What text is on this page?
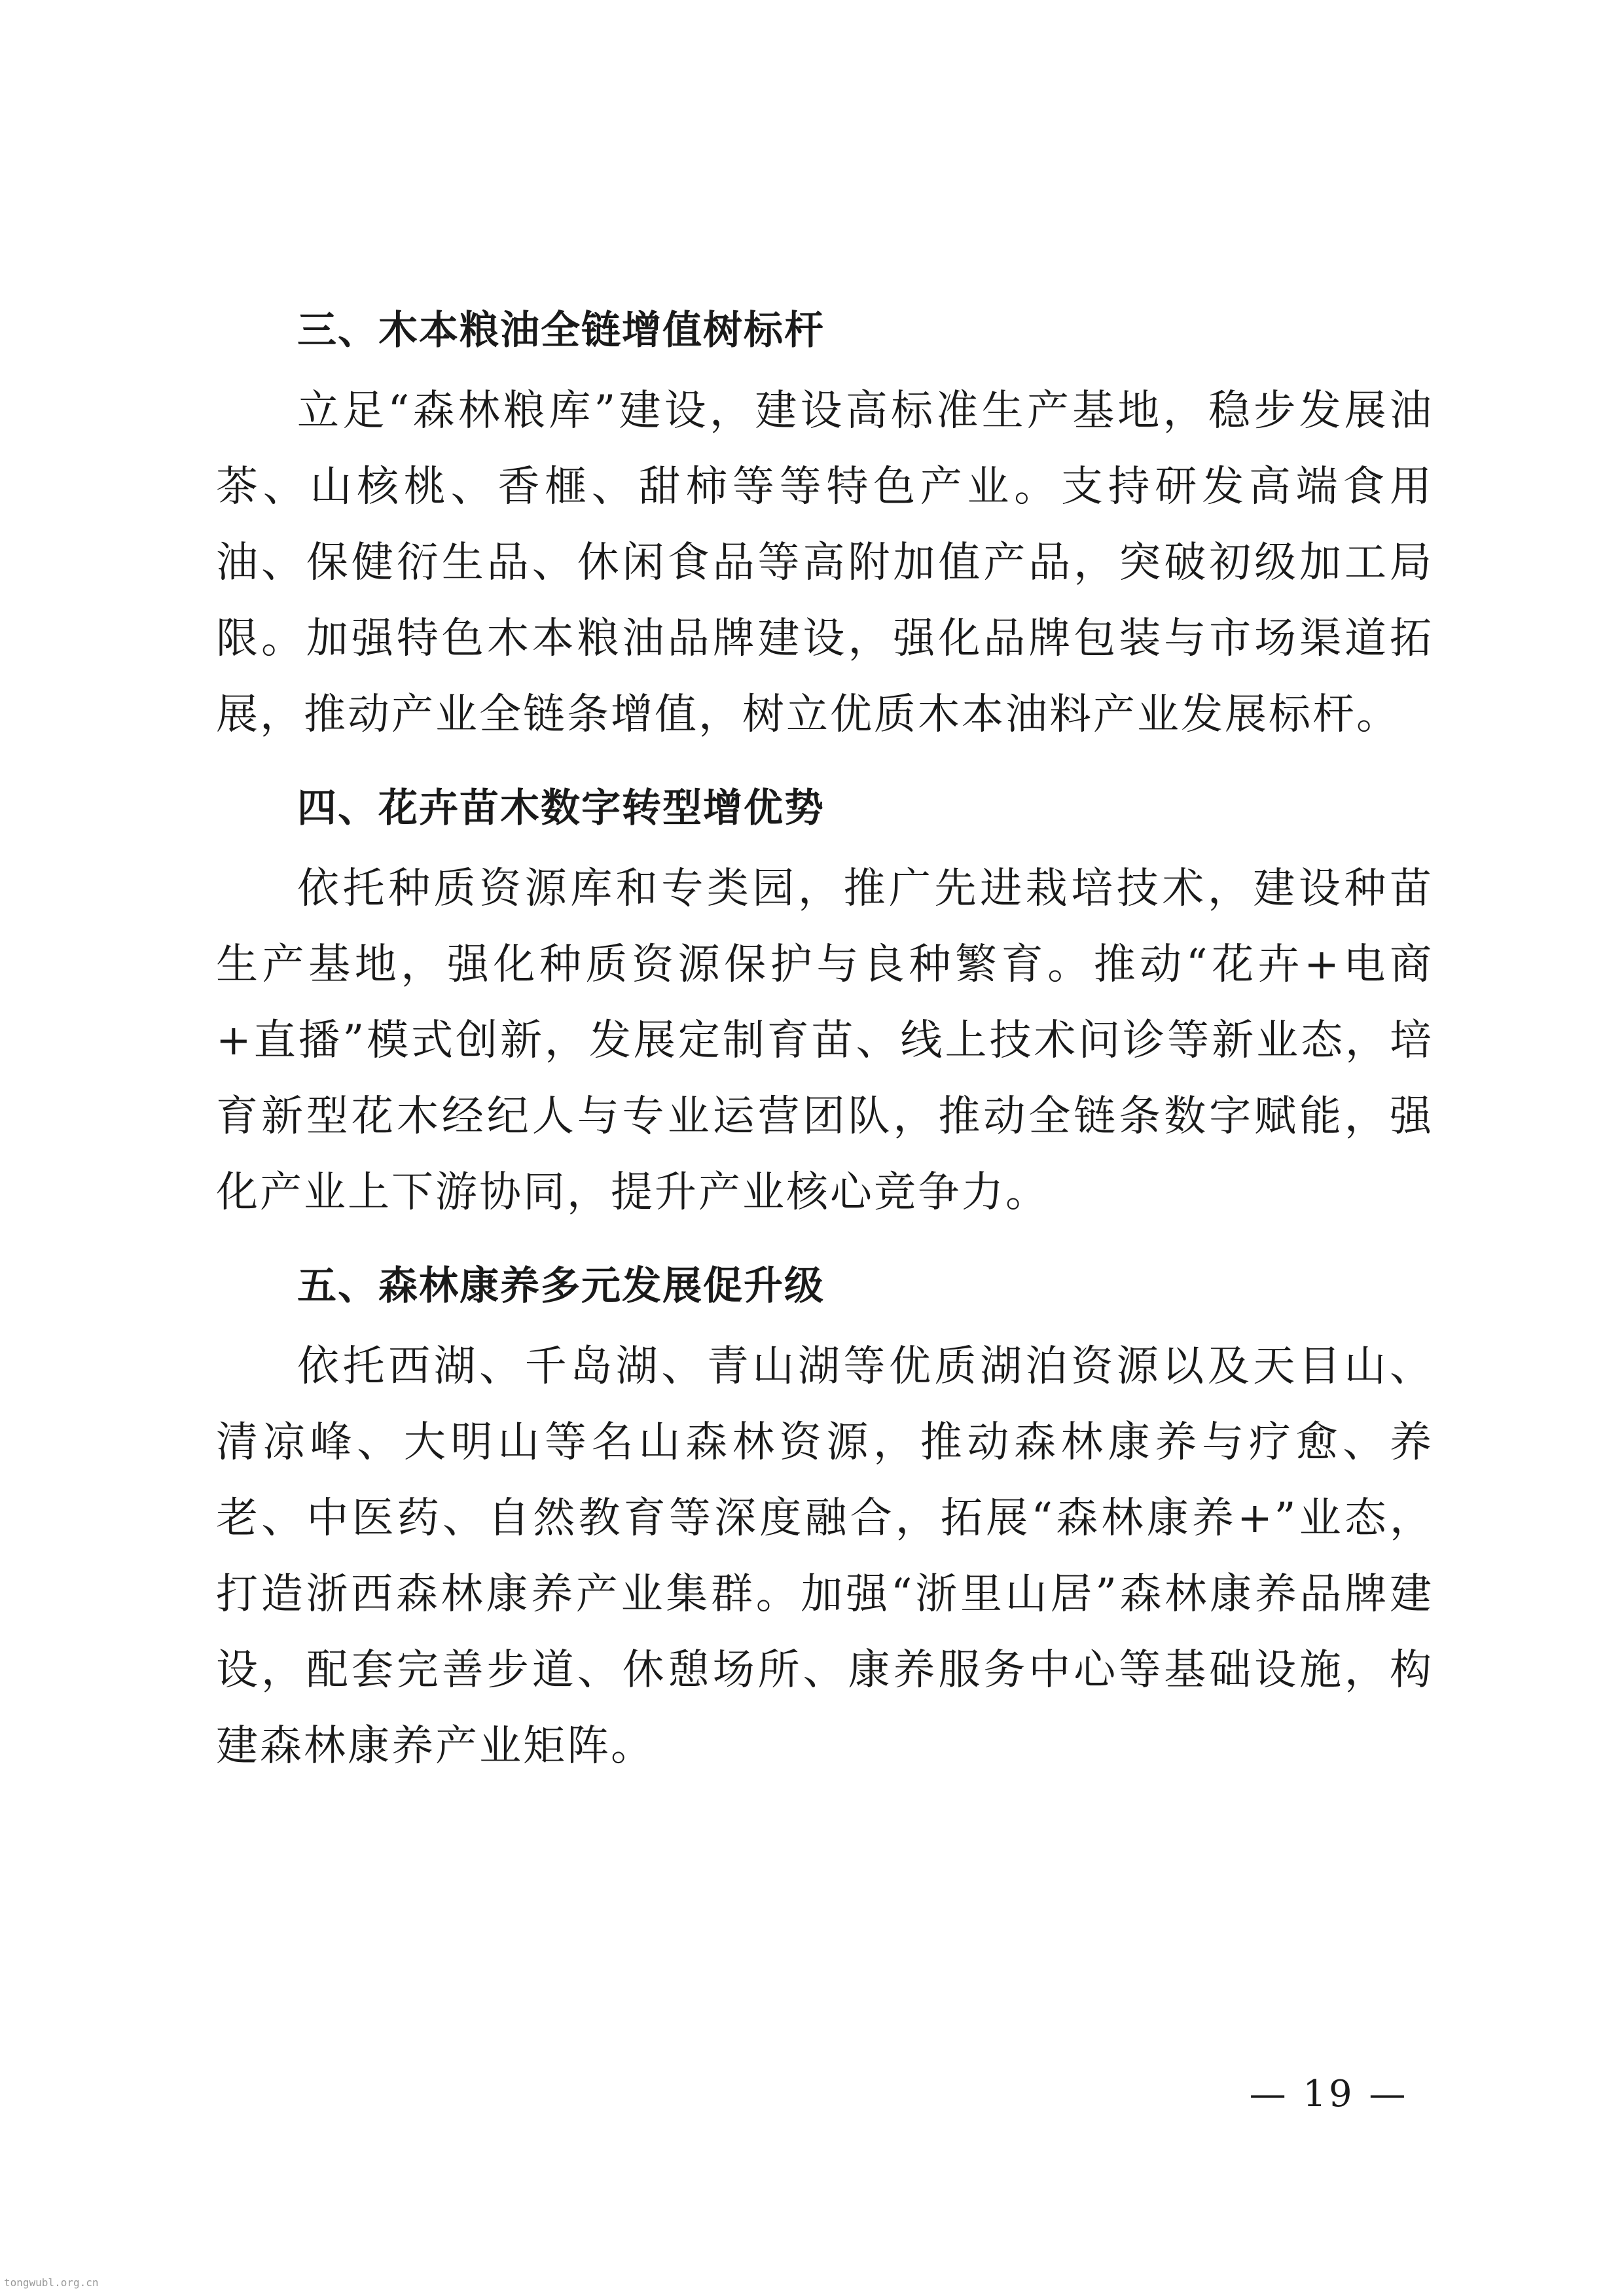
三、木本粮油全链增值树标杆

立足“森林粮库”建设，建设高标准生产基地，稳步发展油茶、山核桃、香榧、甜柿等等特色产业。支持研发高端食用油、保健衍生品、休闲食品等高附加值产品，突破初级加工局限。加强特色木本粮油品牌建设，强化品牌包装与市场渠道拓展，推动产业全链条增值，树立优质木本油料产业发展标杆。

四、花卉苗木数字转型增优势

依托种质资源库和专类园，推广先进栽培技术，建设种苗生产基地，强化种质资源保护与良种繁育。推动“花卉+电商+直播”模式创新，发展定制育苗、线上技术问诊等新业态，培育新型花木经纪人与专业运营团队，推动全链条数字赋能，强化产业上下游协同，提升产业核心竞争力。

五、森林康养多元发展促升级

依托西湖、千岛湖、青山湖等优质湖泊资源以及天目山、清凉峰、大明山等名山森林资源，推动森林康养与疗愈、养老、中医药、自然教育等深度融合，拓展“森林康养+”业态，打造浙西森林康养产业集群。加强“浙里山居”森林康养品牌建设，配套完善步道、休憩场所、康养服务中心等基础设施，构建森林康养产业矩阵。

— 19 —
tongwubl.org.cn
